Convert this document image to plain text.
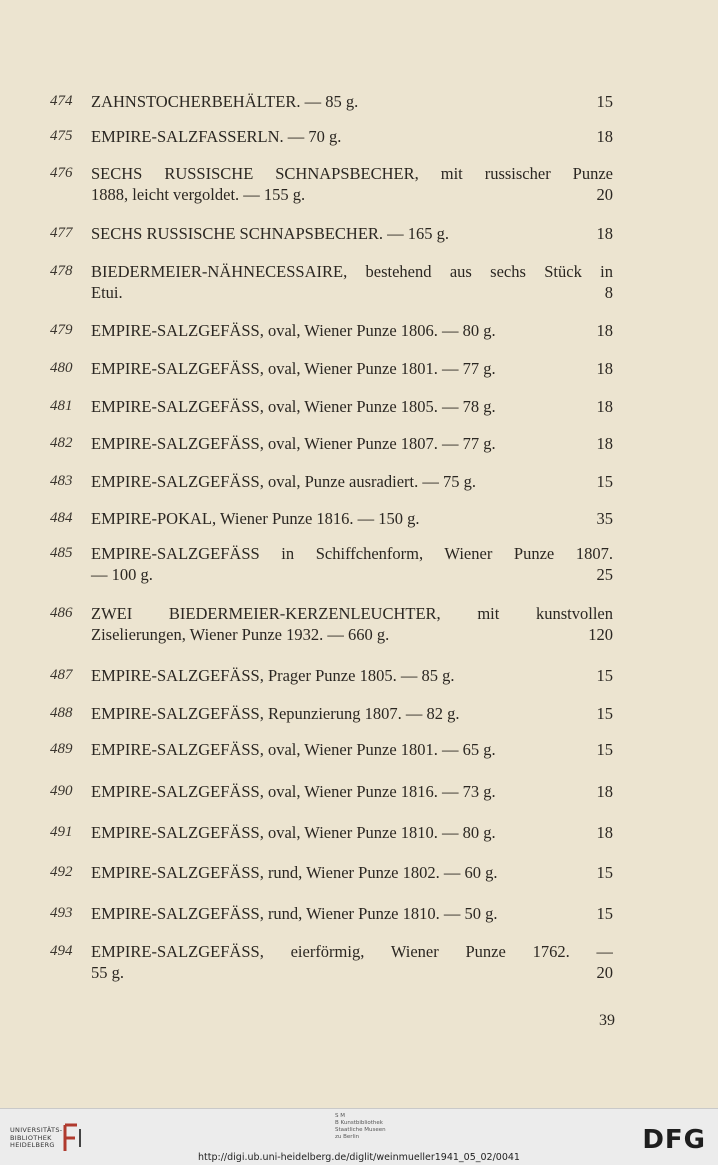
474 ZAHNSTOCHERBEHÄLTER. — 85 g.	15
475 EMPIRE-SALZFASSERLN. — 70 g.	18
476 SECHS RUSSISCHE SCHNAPSBECHER, mit russischer Punze
1888, leicht vergoldet. — 155 g.	20
477 SECHS RUSSISCHE SCHNAPSBECHER. — 165 g.	18
478 BIEDERMEIER-NÄHNECESSAIRE, bestehend aus sechs Stück in
Etui.	8
479 EMPIRE-SALZGEFÄSS, oval, Wiener Punze 1806. — 80 g.	18
480 EMPIRE-SALZGEFÄSS, oval, Wiener Punze 1801. — 77 g.	18
481 EMPIRE-SALZGEFÄSS, oval, Wiener Punze 1805. — 78 g.	18
482 EMPIRE-SALZGEFÄSS, oval, Wiener Punze 1807. — 77 g.	18
483 EMPIRE-SALZGEFÄSS, oval, Punze ausradiert. — 75 g.	15
484 EMPIRE-POKAL, Wiener Punze 1816. — 150 g.	35
485 EMPIRE-SALZGEFÄSS in Schiffchenform, Wiener Punze 1807.
— 100 g.	25
486 ZWEI BIEDERMEIER-KERZENLEUCHTER, mit kunstvollen
Ziselierungen, Wiener Punze 1932. — 660 g.	120
487 EMPIRE-SALZGEFÄSS, Prager Punze 1805. — 85 g.	15
488 EMPIRE-SALZGEFÄSS, Repunzierung 1807. — 82 g.	15
489 EMPIRE-SALZGEFÄSS, oval, Wiener Punze 1801. — 65 g.	15
490 EMPIRE-SALZGEFÄSS, oval, Wiener Punze 1816. — 73 g.	18
491 EMPIRE-SALZGEFÄSS, oval, Wiener Punze 1810. — 80 g.	18
492 EMPIRE-SALZGEFÄSS, rund, Wiener Punze 1802. — 60 g.	15
493 EMPIRE-SALZGEFÄSS, rund, Wiener Punze 1810. — 50 g.	15
494 EMPIRE-SALZGEFÄSS, eierförmig, Wiener Punze 1762. —
55 g.	20
39
UNIVERSITÄTS-
BIBLIOTHEK
HEIDELBERG
S M
B Kunstbibliothek
Staatliche Museen
zu Berlin
http://digi.ub.uni-heidelberg.de/diglit/weinmueller1941_05_02/0041
DFG
